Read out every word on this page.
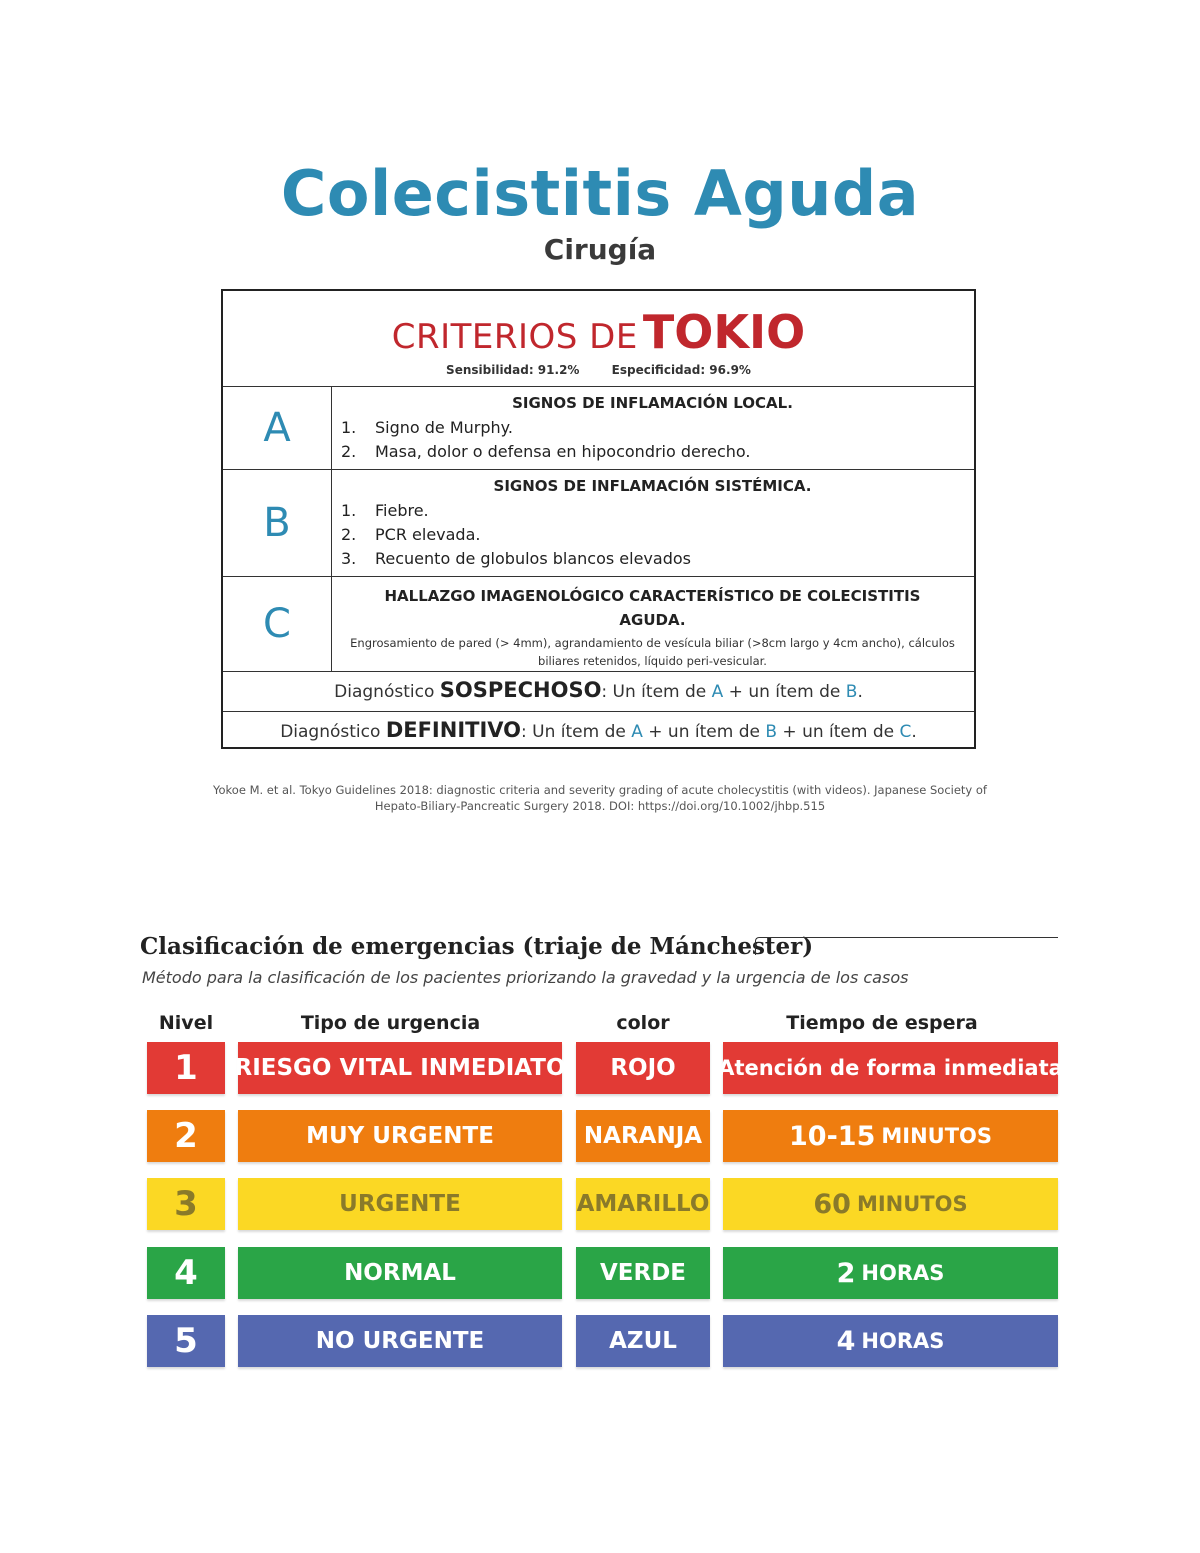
Colecistitis Aguda
Cirugía
CRITERIOS DE TOKIO
Sensibilidad: 91.2%	Especificidad: 96.9%
A
SIGNOS DE INFLAMACIÓN LOCAL.
1. Signo de Murphy.
2. Masa, dolor o defensa en hipocondrio derecho.
B
SIGNOS DE INFLAMACIÓN SISTÉMICA.
1. Fiebre.
2. PCR elevada.
3. Recuento de globulos blancos elevados
C
HALLAZGO IMAGENOLÓGICO CARACTERÍSTICO DE COLECISTITIS AGUDA.
Engrosamiento de pared (> 4mm), agrandamiento de vesícula biliar (>8cm largo y 4cm ancho), cálculos biliares retenidos, líquido peri-vesicular.
Diagnóstico SOSPECHOSO: Un ítem de A + un ítem de B.
Diagnóstico DEFINITIVO: Un ítem de A + un ítem de B + un ítem de C.
Yokoe M. et al. Tokyo Guidelines 2018: diagnostic criteria and severity grading of acute cholecystitis (with videos). Japanese Society of
Hepato-Biliary-Pancreatic Surgery 2018. DOI: https://doi.org/10.1002/jhbp.515
Clasificación de emergencias (triaje de Mánchester)
Método para la clasificación de los pacientes priorizando la gravedad y la urgencia de los casos
Nivel	Tipo de urgencia	color	Tiempo de espera
1	RIESGO VITAL INMEDIATO	ROJO	Atención de forma inmediata
2	MUY URGENTE	NARANJA	10-15 MINUTOS
3	URGENTE	AMARILLO	60 MINUTOS
4	NORMAL	VERDE	2 HORAS
5	NO URGENTE	AZUL	4 HORAS
